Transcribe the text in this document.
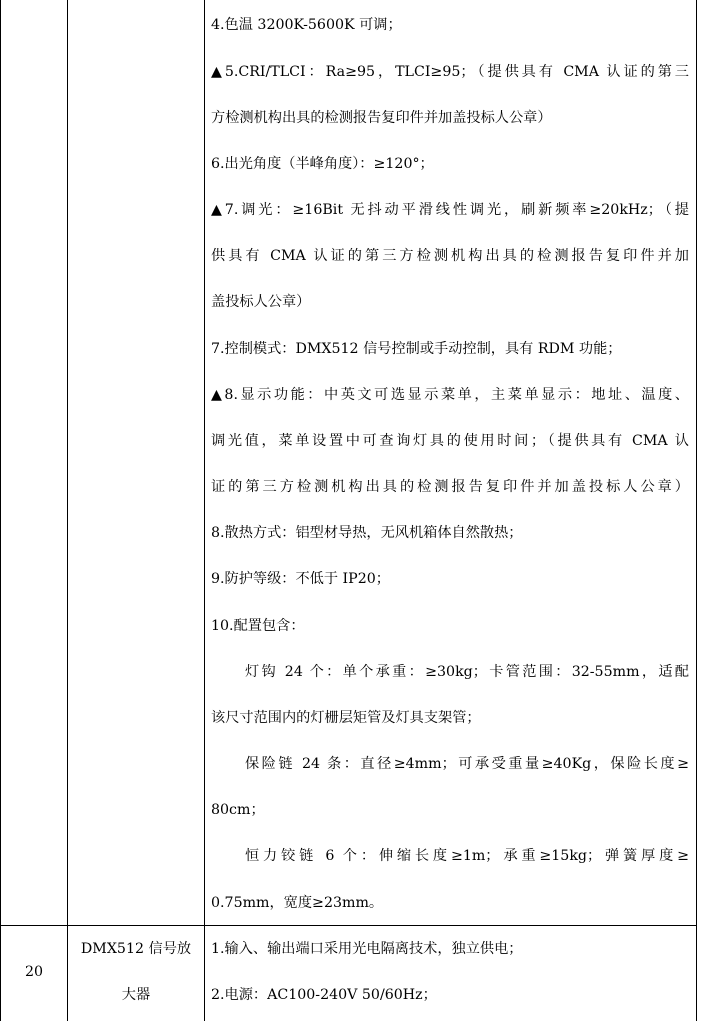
4.色温 3200K-5600K 可调；
▲5.CRI/TLCI：Ra≥95，TLCI≥95；（提供具有 CMA 认证的第三
方检测机构出具的检测报告复印件并加盖投标人公章）
6.出光角度（半峰角度）：≥120°；
▲7.调光：≥16Bit 无抖动平滑线性调光，刷新频率≥20kHz；（提
供具有 CMA 认证的第三方检测机构出具的检测报告复印件并加
盖投标人公章）
7.控制模式：DMX512 信号控制或手动控制，具有 RDM 功能；
▲8.显示功能：中英文可选显示菜单，主菜单显示：地址、温度、
调光值，菜单设置中可查询灯具的使用时间；（提供具有 CMA 认
证的第三方检测机构出具的检测报告复印件并加盖投标人公章）
8.散热方式：铝型材导热，无风机箱体自然散热；
9.防护等级：不低于 IP20；
10.配置包含：
灯钩 24 个：单个承重：≥30kg；卡管范围：32-55mm，适配
该尺寸范围内的灯栅层矩管及灯具支架管；
保险链 24 条：直径≥4mm；可承受重量≥40Kg，保险长度≥
80cm；
恒力铰链 6 个：伸缩长度≥1m；承重≥15kg；弹簧厚度≥
0.75mm，宽度≥23mm。
20
DMX512 信号放
大器
1.输入、输出端口采用光电隔离技术，独立供电；
2.电源：AC100-240V 50/60Hz；
